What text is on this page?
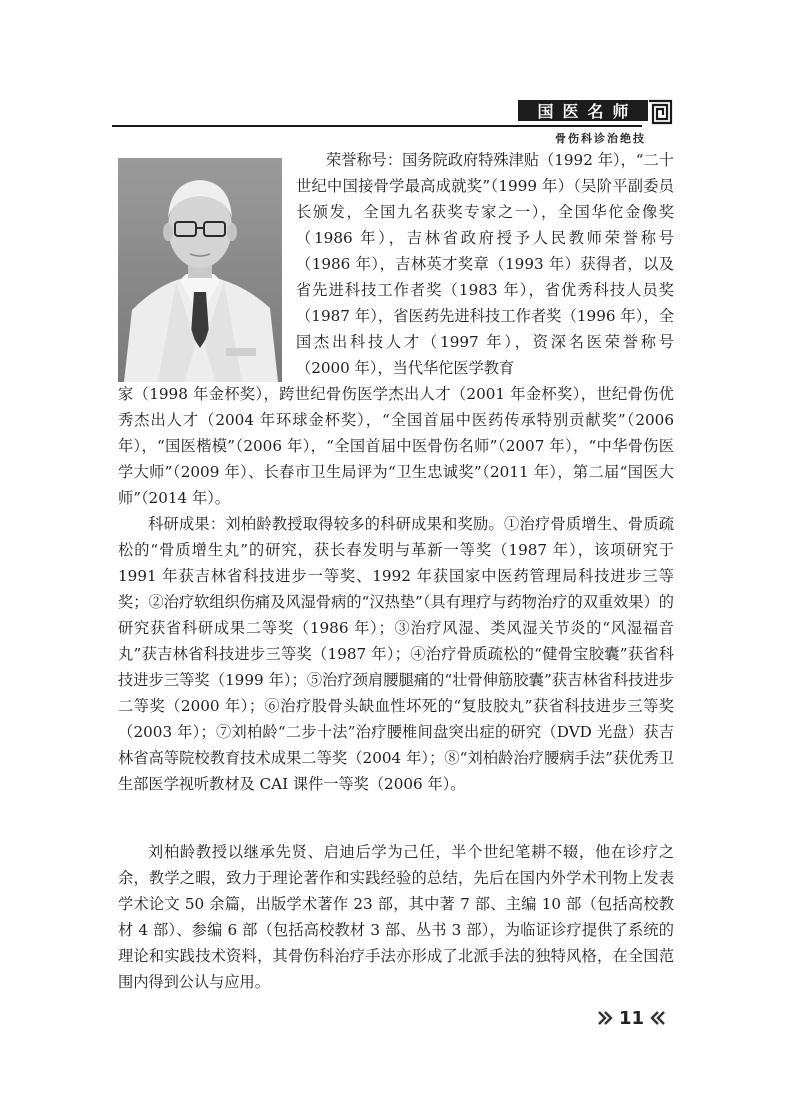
国医名师
骨伤科诊治绝技
荣誉称号：国务院政府特殊津贴（1992 年），“二十世纪中国接骨学最高成就奖”（1999 年）（吴阶平副委员长颁发，全国九名获奖专家之一），全国华佗金像奖（1986 年），吉林省政府授予人民教师荣誉称号（1986 年），吉林英才奖章（1993 年）获得者，以及省先进科技工作者奖（1983 年），省优秀科技人员奖（1987 年），省医药先进科技工作者奖（1996 年），全国杰出科技人才（1997 年），资深名医荣誉称号（2000 年），当代华佗医学教育
家（1998 年金杯奖），跨世纪骨伤医学杰出人才（2001 年金杯奖），世纪骨伤优秀杰出人才（2004 年环球金杯奖），“全国首届中医药传承特别贡献奖”（2006 年），“国医楷模”（2006 年），“全国首届中医骨伤名师”（2007 年），“中华骨伤医学大师”（2009 年）、长春市卫生局评为“卫生忠诚奖”（2011 年），第二届“国医大师”（2014 年）。
科研成果：刘柏龄教授取得较多的科研成果和奖励。①治疗骨质增生、骨质疏松的“骨质增生丸”的研究，获长春发明与革新一等奖（1987 年），该项研究于 1991 年获吉林省科技进步一等奖、1992 年获国家中医药管理局科技进步三等奖；②治疗软组织伤痛及风湿骨病的“汉热垫”（具有理疗与药物治疗的双重效果）的研究获省科研成果二等奖（1986 年）；③治疗风湿、类风湿关节炎的“风湿福音丸”获吉林省科技进步三等奖（1987 年）；④治疗骨质疏松的“健骨宝胶囊”获省科技进步三等奖（1999 年）；⑤治疗颈肩腰腿痛的“壮骨伸筋胶囊”获吉林省科技进步二等奖（2000 年）；⑥治疗股骨头缺血性坏死的“复肢胶丸”获省科技进步三等奖（2003 年）；⑦刘柏龄“二步十法”治疗腰椎间盘突出症的研究（DVD 光盘）获吉林省高等院校教育技术成果二等奖（2004 年）；⑧“刘柏龄治疗腰病手法”获优秀卫生部医学视听教材及 CAI 课件一等奖（2006 年）。
刘柏龄教授以继承先贤、启迪后学为己任，半个世纪笔耕不辍，他在诊疗之余，教学之暇，致力于理论著作和实践经验的总结，先后在国内外学术刊物上发表学术论文 50 余篇，出版学术著作 23 部，其中著 7 部、主编 10 部（包括高校教材 4 部）、参编 6 部（包括高校教材 3 部、丛书 3 部），为临证诊疗提供了系统的理论和实践技术资料，其骨伤科治疗手法亦形成了北派手法的独特风格，在全国范围内得到公认与应用。
11
